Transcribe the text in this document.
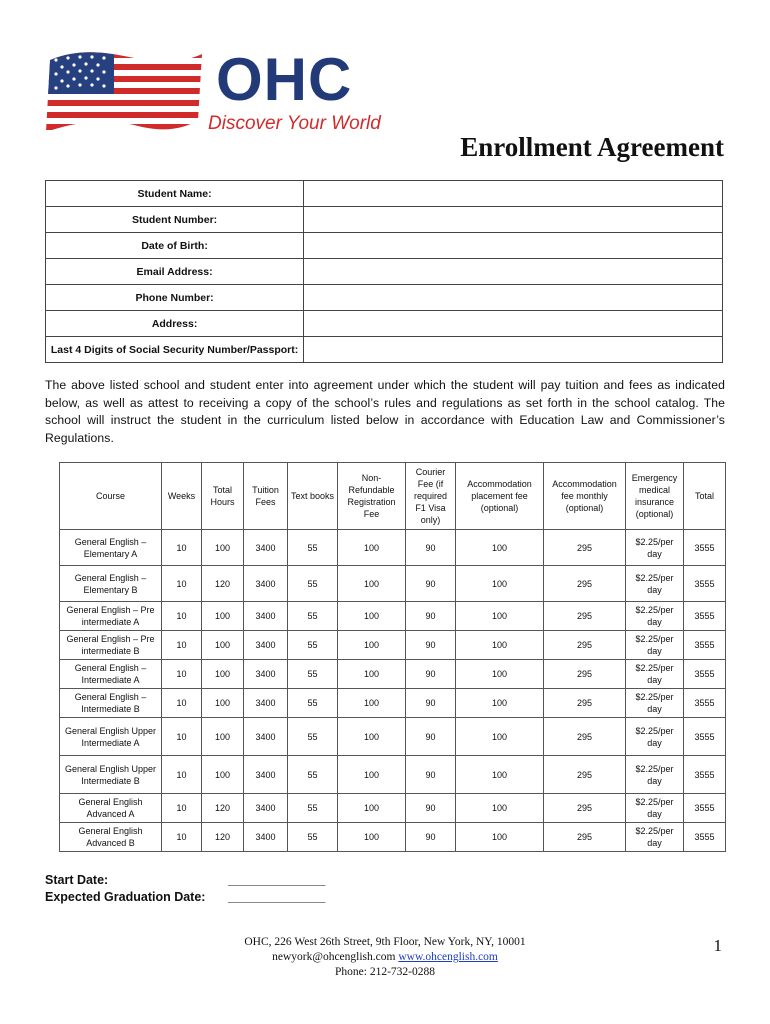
OHC
Discover Your World
Enrollment Agreement
Student Name:	
Student Number:	
Date of Birth:	
Email Address:	
Phone Number:	
Address:	
Last 4 Digits of Social Security Number/Passport:	

The above listed school and student enter into agreement under which the student will pay tuition and fees as indicated below, as well as attest to receiving a copy of the school’s rules and regulations as set forth in the school catalog. The school will instruct the student in the curriculum listed below in accordance with Education Law and Commissioner’s Regulations.

Course	Weeks	Total Hours	Tuition Fees	Text books	Non-Refundable Registration Fee	Courier Fee (if required F1 Visa only)	Accommodation placement fee (optional)	Accommodation fee monthly (optional)	Emergency medical insurance (optional)	Total
General English – Elementary A	10	100	3400	55	100	90	100	295	$2.25/per day	3555
General English – Elementary B	10	120	3400	55	100	90	100	295	$2.25/per day	3555
General English – Pre intermediate A	10	100	3400	55	100	90	100	295	$2.25/per day	3555
General English – Pre intermediate B	10	100	3400	55	100	90	100	295	$2.25/per day	3555
General English – Intermediate A	10	100	3400	55	100	90	100	295	$2.25/per day	3555
General English – Intermediate B	10	100	3400	55	100	90	100	295	$2.25/per day	3555
General English Upper Intermediate A	10	100	3400	55	100	90	100	295	$2.25/per day	3555
General English Upper Intermediate B	10	100	3400	55	100	90	100	295	$2.25/per day	3555
General English Advanced A	10	120	3400	55	100	90	100	295	$2.25/per day	3555
General English Advanced B	10	120	3400	55	100	90	100	295	$2.25/per day	3555
Start Date:	_______________
Expected Graduation Date:	_______________
OHC, 226 West 26th Street, 9th Floor, New York, NY, 10001
newyork@ohcenglish.com www.ohcenglish.com
Phone: 212-732-0288
1
